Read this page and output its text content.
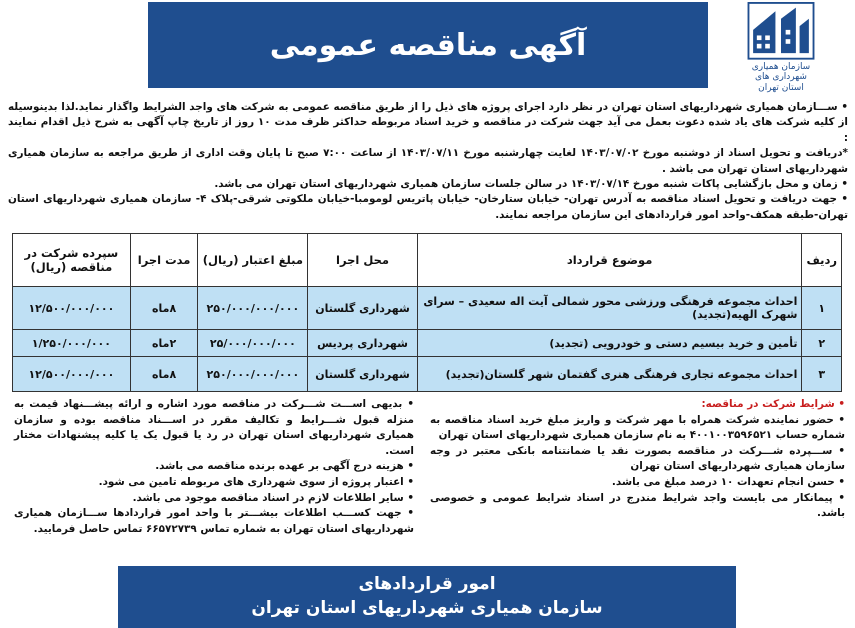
سازمان همیاری شهرداری های
استان تهران
آگهی مناقصه عمومی

• ســـازمان همیاری شهرداریهای استان تهران در نظر دارد اجرای پروژه های ذیل را از طریق مناقصه عمومی به شرکت های واجد الشرایط واگذار نماید.لذا بدینوسیله از کلیه شرکت های یاد شده دعوت بعمل می آید جهت شرکت در مناقصه و خرید اسناد مربوطه حداکثر ظرف مدت ۱۰ روز از تاریخ چاپ آگهی به شرح ذیل اقدام نمایند :

*دریافت و تحویل اسناد از دوشنبه مورخ ۱۴۰۳/۰۷/۰۲ لغایت چهارشنبه مورخ ۱۴۰۳/۰۷/۱۱ از ساعت ۷:۰۰ صبح تا پایان وقت اداری از طریق مراجعه به سازمان همیاری شهرداریهای استان تهران می باشد .

• زمان و محل بازگشایی پاکات شنبه مورخ ۱۴۰۳/۰۷/۱۴ در سالن جلسات سازمان همیاری شهرداریهای استان تهران می باشد.

• جهت دریافت و تحویل اسناد مناقصه به آدرس تهران- خیابان ستارخان- خیابان پاتریس لومومبا-خیابان ملکوتی شرقی-پلاک ۴- سازمان همیاری شهرداریهای استان تهران-طبقه همکف-واحد امور قراردادهای این سازمان مراجعه نمایند.

ردیف	موضوع قرارداد	محل اجرا	مبلغ اعتبار (ریال)	مدت اجرا	سپرده شرکت در مناقصه (ریال)
۱	احداث مجموعه فرهنگی ورزشی محور شمالی آیت اله سعیدی – سرای شهرک الهیه(تجدید)	شهرداری گلستان	۲۵۰/۰۰۰/۰۰۰/۰۰۰	۸ماه	۱۲/۵۰۰/۰۰۰/۰۰۰
۲	تأمین و خرید بیسیم دستی و خودرویی (تجدید)	شهرداری پردیس	۲۵/۰۰۰/۰۰۰/۰۰۰	۲ماه	۱/۲۵۰/۰۰۰/۰۰۰
۳	احداث مجموعه تجاری فرهنگی هنری گفتمان شهر گلستان(تجدید)	شهرداری گلستان	۲۵۰/۰۰۰/۰۰۰/۰۰۰	۸ماه	۱۲/۵۰۰/۰۰۰/۰۰۰

• شرایط شرکت در مناقصه:

• حضور نماینده شرکت همراه با مهر شرکت و واریز مبلغ خرید اسناد مناقصه به شماره حساب ۴۰۰۱۰۰۳۵۹۶۵۲۱ به نام سازمان همیاری شهرداریهای استان تهران

• ســـپرده شـــرکت در مناقصه بصورت نقد یا ضمانتنامه بانکی معتبر در وجه سازمان همیاری شهرداریهای استان تهران

• حسن انجام تعهدات ۱۰ درصد مبلغ می باشد.

• پیمانکار می بایست واجد شرایط مندرج در اسناد شرایط عمومی و خصوصی باشد.

• بدیهی اســـت شـــرکت در مناقصه مورد اشاره و ارائه پیشـــنهاد قیمت به منزله قبول شـــرایط و تکالیف مقرر در اســـناد مناقصه بوده و سازمان همیاری شهرداریهای استان تهران در رد یا قبول یک یا کلیه پیشنهادات مختار است.

• هزینه درج آگهی بر عهده برنده مناقصه می باشد.

• اعتبار پروژه از سوی شهرداری های مربوطه تامین می شود.

• سایر اطلاعات لازم در اسناد مناقصه موجود می باشد.

• جهت کســـب اطلاعات بیشـــتر با واحد امور قراردادها ســـازمان همیاری شهرداریهای استان تهران به شماره تماس ۶۶۵۷۲۷۳۹ تماس حاصل فرمایید.

امور قراردادهای
سازمان همیاری شهرداریهای استان تهران
